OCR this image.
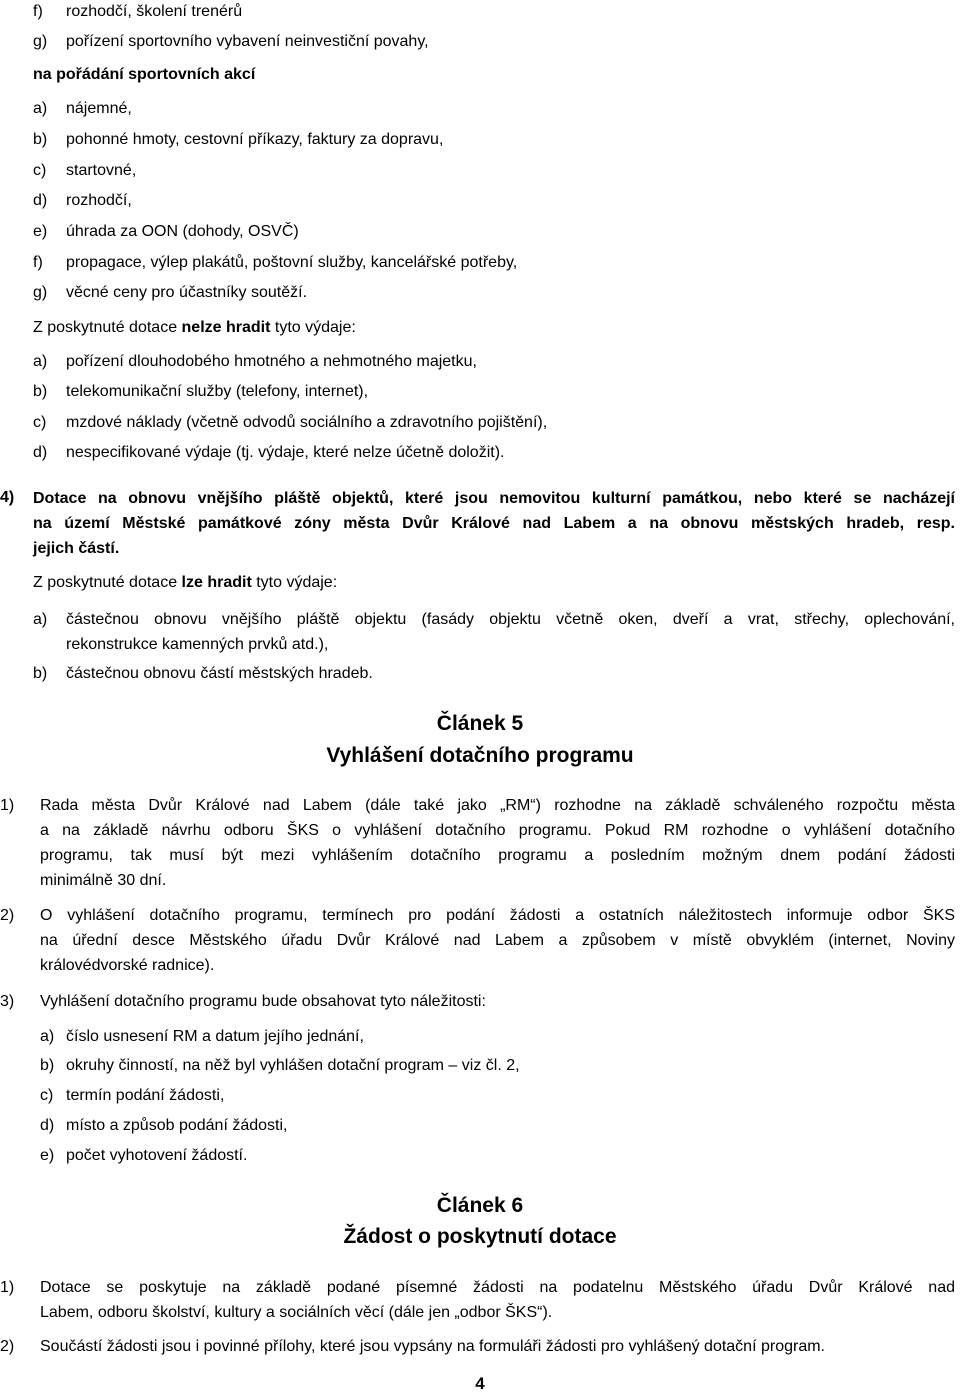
f) rozhodčí, školení trenérů
g) pořízení sportovního vybavení neinvestiční povahy,
na pořádání sportovních akcí
a) nájemné,
b) pohonné hmoty, cestovní příkazy, faktury za dopravu,
c) startovné,
d) rozhodčí,
e) úhrada za OON (dohody, OSVČ)
f) propagace, výlep plakátů, poštovní služby, kancelářské potřeby,
g) věcné ceny pro účastníky soutěží.
Z poskytnuté dotace nelze hradit tyto výdaje:
a) pořízení dlouhodobého hmotného a nehmotného majetku,
b) telekomunikační služby (telefony, internet),
c) mzdové náklady (včetně odvodů sociálního a zdravotního pojištění),
d) nespecifikované výdaje (tj. výdaje, které nelze účetně doložit).
4) Dotace na obnovu vnějšího pláště objektů, které jsou nemovitou kulturní památkou, nebo které se nacházejí
na území Městské památkové zóny města Dvůr Králové nad Labem a na obnovu městských hradeb, resp.
jejich částí.
Z poskytnuté dotace lze hradit tyto výdaje:
a) částečnou obnovu vnějšího pláště objektu (fasády objektu včetně oken, dveří a vrat, střechy, oplechování,
rekonstrukce kamenných prvků atd.),
b) částečnou obnovu částí městských hradeb.
Článek 5
Vyhlášení dotačního programu
1) Rada města Dvůr Králové nad Labem (dále také jako „RM“) rozhodne na základě schváleného rozpočtu města
a na základě návrhu odboru ŠKS o vyhlášení dotačního programu. Pokud RM rozhodne o vyhlášení dotačního
programu, tak musí být mezi vyhlášením dotačního programu a posledním možným dnem podání žádosti
minimálně 30 dní.
2) O vyhlášení dotačního programu, termínech pro podání žádosti a ostatních náležitostech informuje odbor ŠKS
na úřední desce Městského úřadu Dvůr Králové nad Labem a způsobem v místě obvyklém (internet, Noviny
královédvorské radnice).
3) Vyhlášení dotačního programu bude obsahovat tyto náležitosti:
a) číslo usnesení RM a datum jejího jednání,
b) okruhy činností, na něž byl vyhlášen dotační program – viz čl. 2,
c) termín podání žádosti,
d) místo a způsob podání žádosti,
e) počet vyhotovení žádostí.
Článek 6
Žádost o poskytnutí dotace
1) Dotace se poskytuje na základě podané písemné žádosti na podatelnu Městského úřadu Dvůr Králové nad
Labem, odboru školství, kultury a sociálních věcí (dále jen „odbor ŠKS“).
2) Součástí žádosti jsou i povinné přílohy, které jsou vypsány na formuláři žádosti pro vyhlášený dotační program.
4
